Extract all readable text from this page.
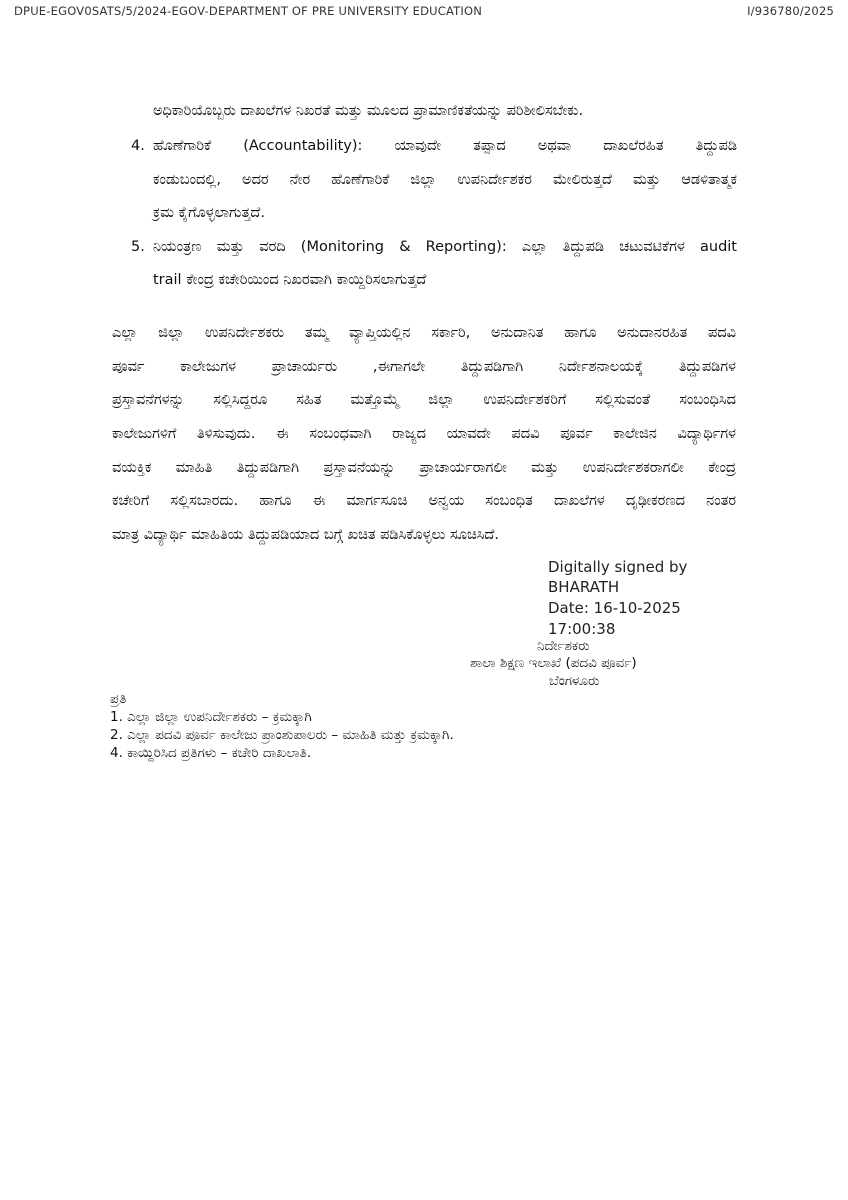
DPUE-EGOV0SATS/5/2024-EGOV-DEPARTMENT OF PRE UNIVERSITY EDUCATION	I/936780/2025
ಅಧಿಕಾರಿಯೊಬ್ಬರು ದಾಖಲೆಗಳ ನಿಖರತೆ ಮತ್ತು ಮೂಲದ ಪ್ರಾಮಾಣಿಕತೆಯನ್ನು ಪರಿಶೀಲಿಸಬೇಕು.
4. ಹೊಣೆಗಾರಿಕೆ (Accountability): ಯಾವುದೇ ತಪ್ಪಾದ ಅಥವಾ ದಾಖಲೆರಹಿತ ತಿದ್ದುಪಡಿ
ಕಂಡುಬಂದಲ್ಲಿ, ಅದರ ನೇರ ಹೊಣೆಗಾರಿಕೆ ಜಿಲ್ಲಾ ಉಪನಿರ್ದೇಶಕರ ಮೇಲಿರುತ್ತದೆ ಮತ್ತು ಆಡಳಿತಾತ್ಮಕ
ಕ್ರಮ ಕೈಗೊಳ್ಳಲಾಗುತ್ತದೆ.
5. ನಿಯಂತ್ರಣ ಮತ್ತು ವರದಿ (Monitoring & Reporting): ಎಲ್ಲಾ ತಿದ್ದುಪಡಿ ಚಟುವಟಿಕೆಗಳ audit
trail ಕೇಂದ್ರ ಕಚೇರಿಯಿಂದ ನಿಖರವಾಗಿ ಕಾಯ್ದಿರಿಸಲಾಗುತ್ತದೆ
ಎಲ್ಲಾ ಜಿಲ್ಲಾ ಉಪನಿರ್ದೇಶಕರು ತಮ್ಮ ವ್ಯಾಪ್ತಿಯಲ್ಲಿನ ಸರ್ಕಾರಿ, ಅನುದಾನಿತ ಹಾಗೂ ಅನುದಾನರಹಿತ ಪದವಿ
ಪೂರ್ವ ಕಾಲೇಜುಗಳ ಪ್ರಾಚಾರ್ಯರು ,ಈಗಾಗಲೇ ತಿದ್ದುಪಡಿಗಾಗಿ ನಿರ್ದೇಶನಾಲಯಕ್ಕೆ ತಿದ್ದುಪಡಿಗಳ
ಪ್ರಸ್ತಾವನೆಗಳನ್ನು ಸಲ್ಲಿಸಿದ್ದರೂ ಸಹಿತ ಮತ್ತೊಮ್ಮೆ ಜಿಲ್ಲಾ ಉಪನಿರ್ದೇಶಕರಿಗೆ ಸಲ್ಲಿಸುವಂತೆ ಸಂಬಂಧಿಸಿದ
ಕಾಲೇಜುಗಳಿಗೆ ತಿಳಿಸುವುದು. ಈ ಸಂಬಂಧವಾಗಿ ರಾಜ್ಯದ ಯಾವದೇ ಪದವಿ ಪೂರ್ವ ಕಾಲೇಜಿನ ವಿದ್ಯಾರ್ಥಿಗಳ
ವಯಕ್ತಿಕ ಮಾಹಿತಿ ತಿದ್ದುಪಡಿಗಾಗಿ ಪ್ರಸ್ತಾವನೆಯನ್ನು ಪ್ರಾಚಾರ್ಯರಾಗಲೀ ಮತ್ತು ಉಪನಿರ್ದೇಶಕರಾಗಲೀ ಕೇಂದ್ರ
ಕಚೇರಿಗೆ ಸಲ್ಲಿಸಬಾರದು. ಹಾಗೂ ಈ ಮಾರ್ಗಸೂಚಿ ಅನ್ವಯ ಸಂಬಂಧಿತ ದಾಖಲೆಗಳ ದೃಢೀಕರಣದ ನಂತರ
ಮಾತ್ರ ವಿದ್ಯಾರ್ಥಿ ಮಾಹಿತಿಯ ತಿದ್ದುಪಡಿಯಾದ ಬಗ್ಗೆ ಖಚಿತ ಪಡಿಸಿಕೊಳ್ಳಲು ಸೂಚಿಸಿದೆ.
Digitally signed by
BHARATH
Date: 16-10-2025
17:00:38
ನಿರ್ದೇಶಕರು
ಶಾಲಾ ಶಿಕ್ಷಣ ಇಲಾಖೆ (ಪದವಿ ಪೂರ್ವ)
ಬೆಂಗಳೂರು
ಪ್ರತಿ
1. ಎಲ್ಲಾ ಜಿಲ್ಲಾ ಉಪನಿರ್ದೇಶಕರು – ಕ್ರಮಕ್ಕಾಗಿ
2. ಎಲ್ಲಾ ಪದವಿ ಪೂರ್ವ ಕಾಲೇಜು ಪ್ರಾಂಶುಪಾಲರು – ಮಾಹಿತಿ ಮತ್ತು ಕ್ರಮಕ್ಕಾಗಿ.
4. ಕಾಯ್ದಿರಿಸಿದ ಪ್ರತಿಗಳು – ಕಚೇರಿ ದಾಖಲಾತಿ.
